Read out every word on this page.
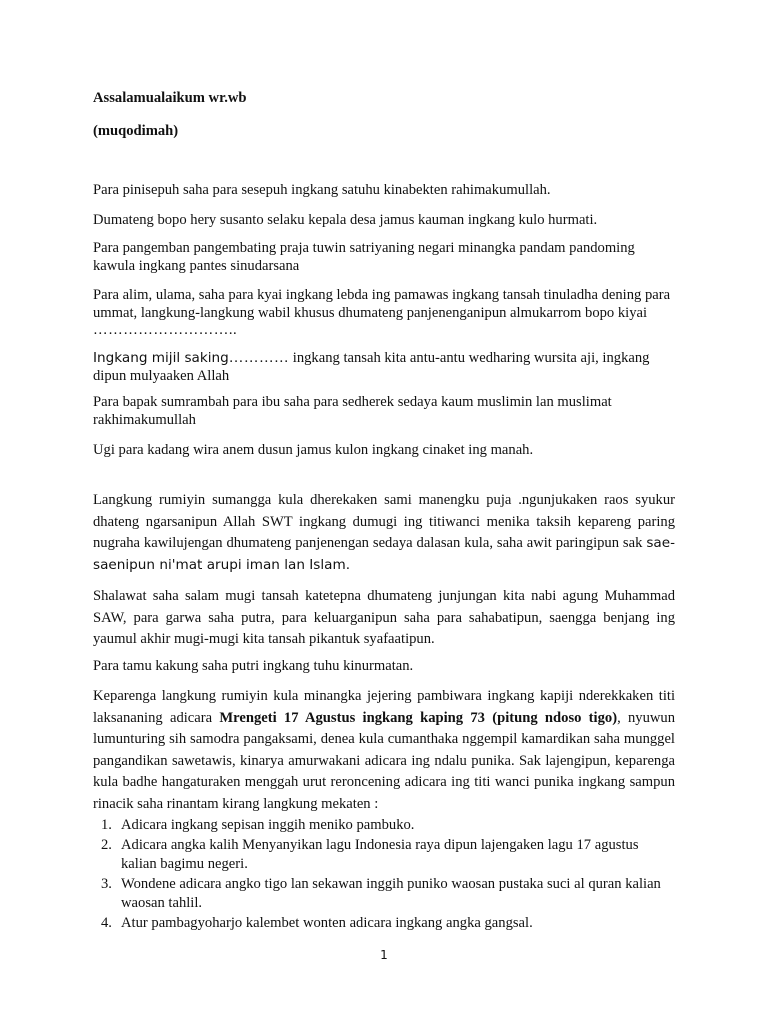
Assalamualaikum wr.wb

(muqodimah)

Para pinisepuh saha para sesepuh ingkang satuhu kinabekten rahimakumullah.

Dumateng bopo hery susanto selaku kepala desa jamus kauman ingkang kulo hurmati.

Para pangemban pangembating praja tuwin satriyaning negari minangka pandam pandoming kawula ingkang pantes sinudarsana

Para alim, ulama, saha para kyai ingkang lebda ing pamawas ingkang tansah tinuladha dening para ummat, langkung-langkung wabil khusus dhumateng panjenenganipun almukarrom bopo kiyai ………………………..

Ingkang mijil saking………… ingkang tansah kita antu-antu wedharing wursita aji, ingkang dipun mulyaaken Allah

Para bapak sumrambah para ibu saha para sedherek sedaya kaum muslimin lan muslimat rakhimakumullah

Ugi para kadang wira anem dusun jamus kulon ingkang cinaket ing manah.

Langkung rumiyin sumangga kula dherekaken sami manengku puja .ngunjukaken raos syukur dhateng ngarsanipun Allah SWT ingkang dumugi ing titiwanci menika taksih kepareng paring nugraha kawilujengan dhumateng panjenengan sedaya dalasan kula, saha awit paringipun sak sae-saenipun ni'mat arupi iman lan Islam.

Shalawat saha salam mugi tansah katetepna dhumateng junjungan kita nabi agung Muhammad SAW, para garwa saha putra, para keluarganipun saha para sahabatipun, saengga benjang ing yaumul akhir mugi-mugi kita tansah pikantuk syafaatipun.

Para tamu kakung saha putri ingkang tuhu kinurmatan.

Keparenga langkung rumiyin kula minangka jejering pambiwara ingkang kapiji nderekkaken titi laksananing adicara Mrengeti 17 Agustus ingkang kaping 73 (pitung ndoso tigo), nyuwun lumunturing sih samodra pangaksami, denea kula cumanthaka nggempil kamardikan saha munggel pangandikan sawetawis, kinarya amurwakani adicara ing ndalu punika. Sak lajengipun, keparenga kula badhe hangaturaken menggah urut reroncening adicara ing titi wanci punika ingkang sampun rinacik saha rinantam kirang langkung mekaten :

1. Adicara ingkang sepisan inggih meniko pambuko.
2. Adicara angka kalih Menyanyikan lagu Indonesia raya dipun lajengaken lagu 17 agustus kalian bagimu negeri.
3. Wondene adicara angko tigo lan sekawan inggih puniko waosan pustaka suci al quran kalian waosan tahlil.
4. Atur pambagyoharjo kalembet wonten adicara ingkang angka gangsal.
1
